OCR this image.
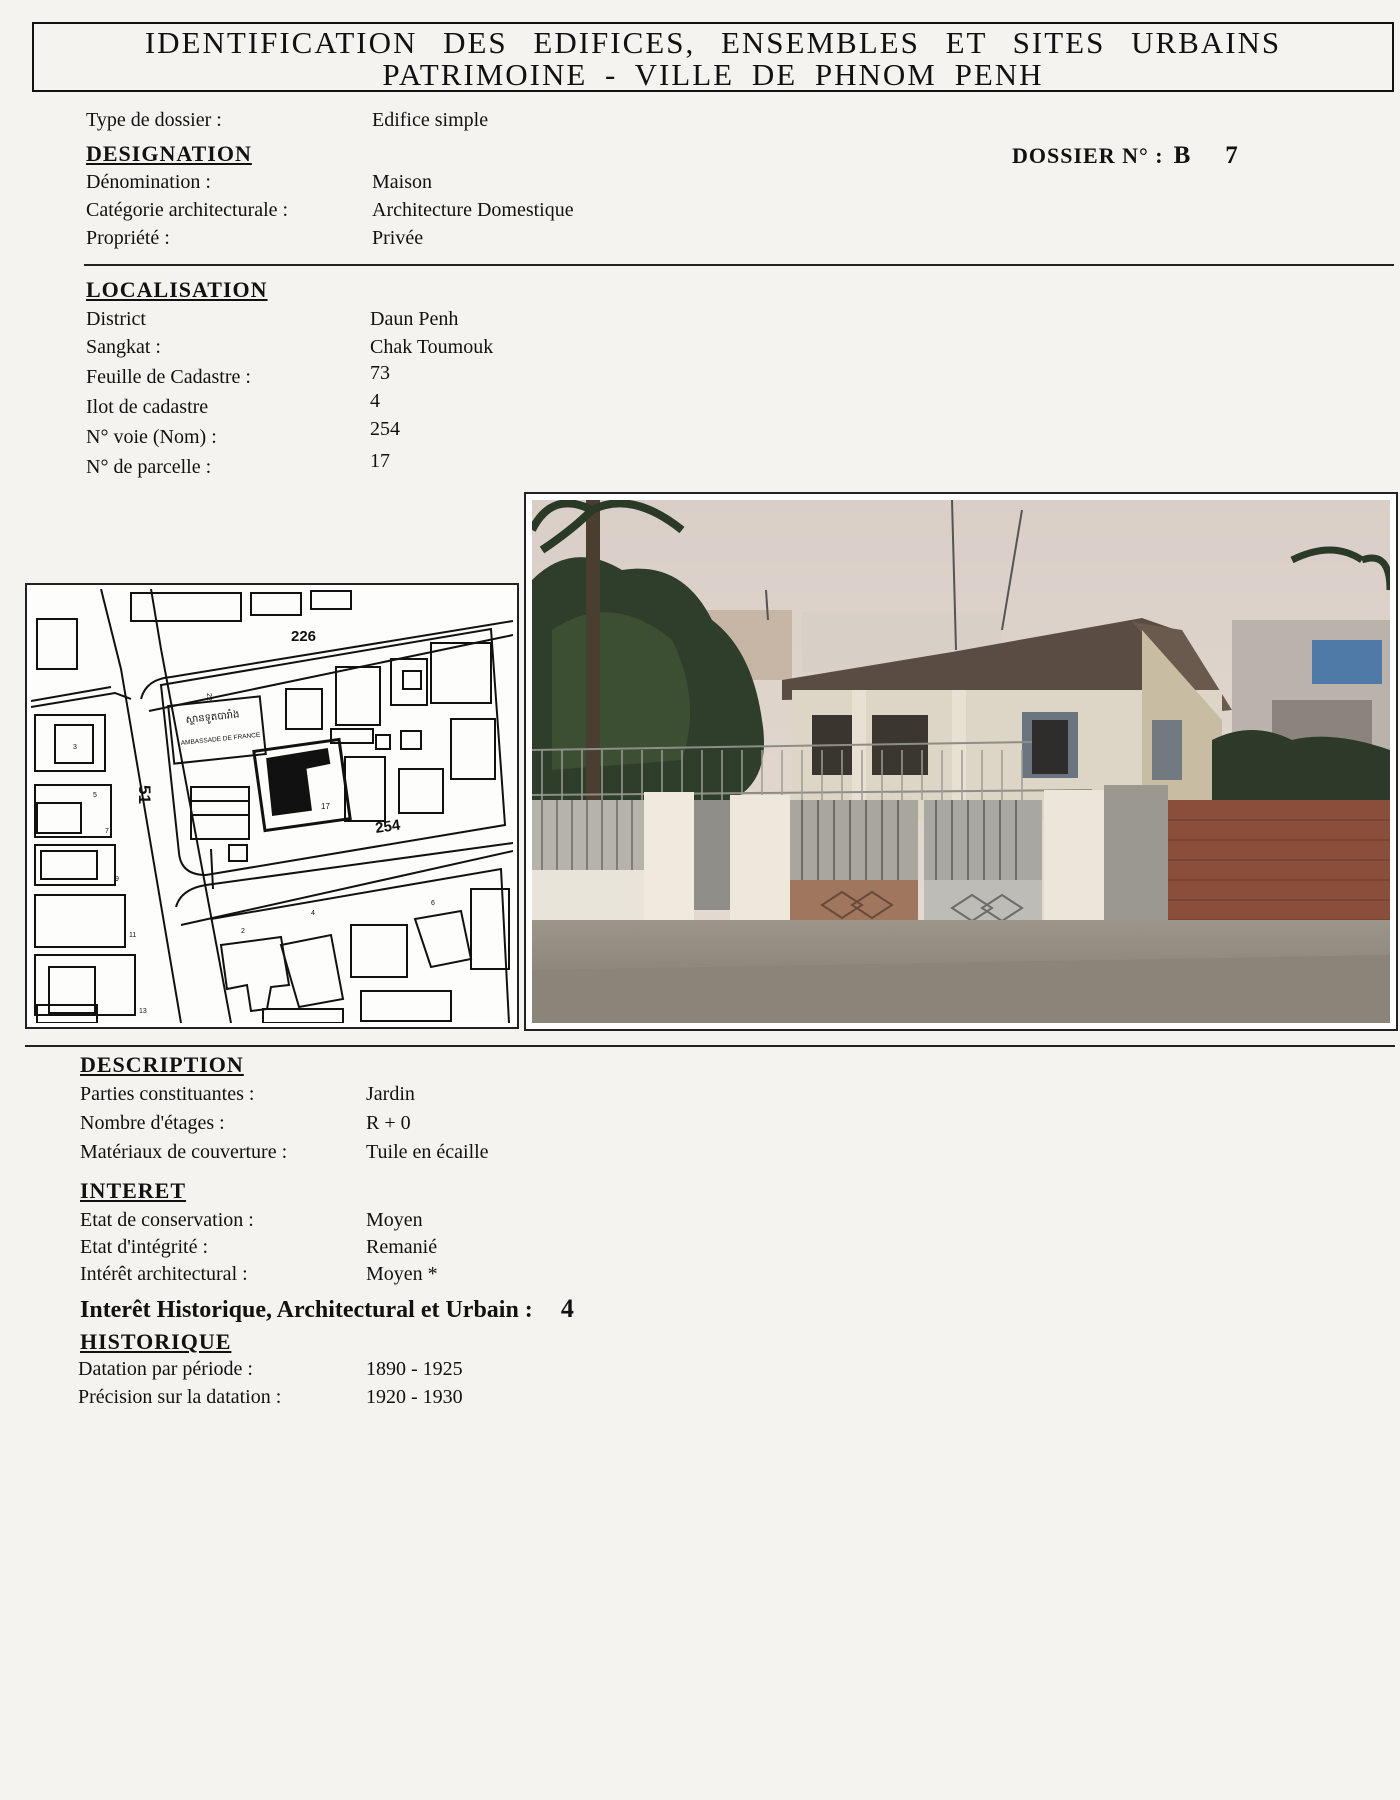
IDENTIFICATION DES EDIFICES, ENSEMBLES ET SITES URBAINS
PATRIMOINE - VILLE DE PHNOM PENH
Type de dossier :	Edifice simple
DESIGNATION	DOSSIER N° : B 7
Dénomination :	Maison
Catégorie architecturale :	Architecture Domestique
Propriété :	Privée
LOCALISATION
District	Daun Penh
Sangkat :	Chak Toumouk
Feuille de Cadastre :	73
Ilot de cadastre	4
N° voie (Nom) :	254
N° de parcelle :	17
226
254
51
ស្ថានទូតបារាំង
AMBASSADE DE FRANCE
17
3
5
7
9
11
13
22
2
4
6
DESCRIPTION
Parties constituantes :	Jardin
Nombre d'étages :	R + 0
Matériaux de couverture :	Tuile en écaille
INTERET
Etat de conservation :	Moyen
Etat d'intégrité :	Remanié
Intérêt architectural :	Moyen *
Interêt Historique, Architectural et Urbain : 4
HISTORIQUE
Datation par période :	1890 - 1925
Précision sur la datation :	1920 - 1930
